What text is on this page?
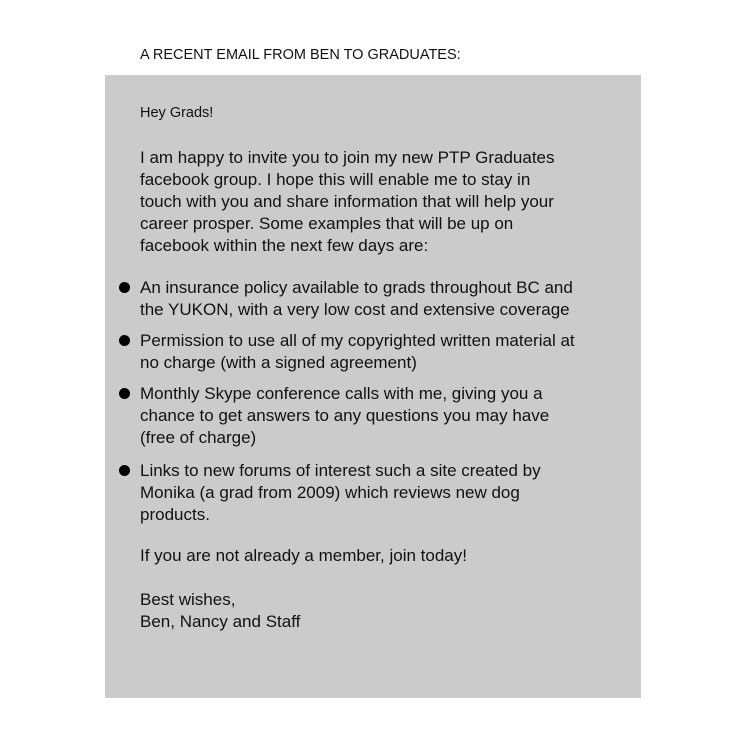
A RECENT EMAIL FROM BEN TO GRADUATES:
Hey Grads!
I am happy to invite you to join my new PTP Graduates
facebook group. I hope this will enable me to stay in
touch with you and share information that will help your
career prosper. Some examples that will be up on
facebook within the next few days are:
An insurance policy available to grads throughout BC and
the YUKON, with a very low cost and extensive coverage
Permission to use all of my copyrighted written material at
no charge (with a signed agreement)
Monthly Skype conference calls with me, giving you a
chance to get answers to any questions you may have
(free of charge)
Links to new forums of interest such a site created by
Monika (a grad from 2009) which reviews new dog
products.
If you are not already a member, join today!
Best wishes,
Ben, Nancy and Staff
